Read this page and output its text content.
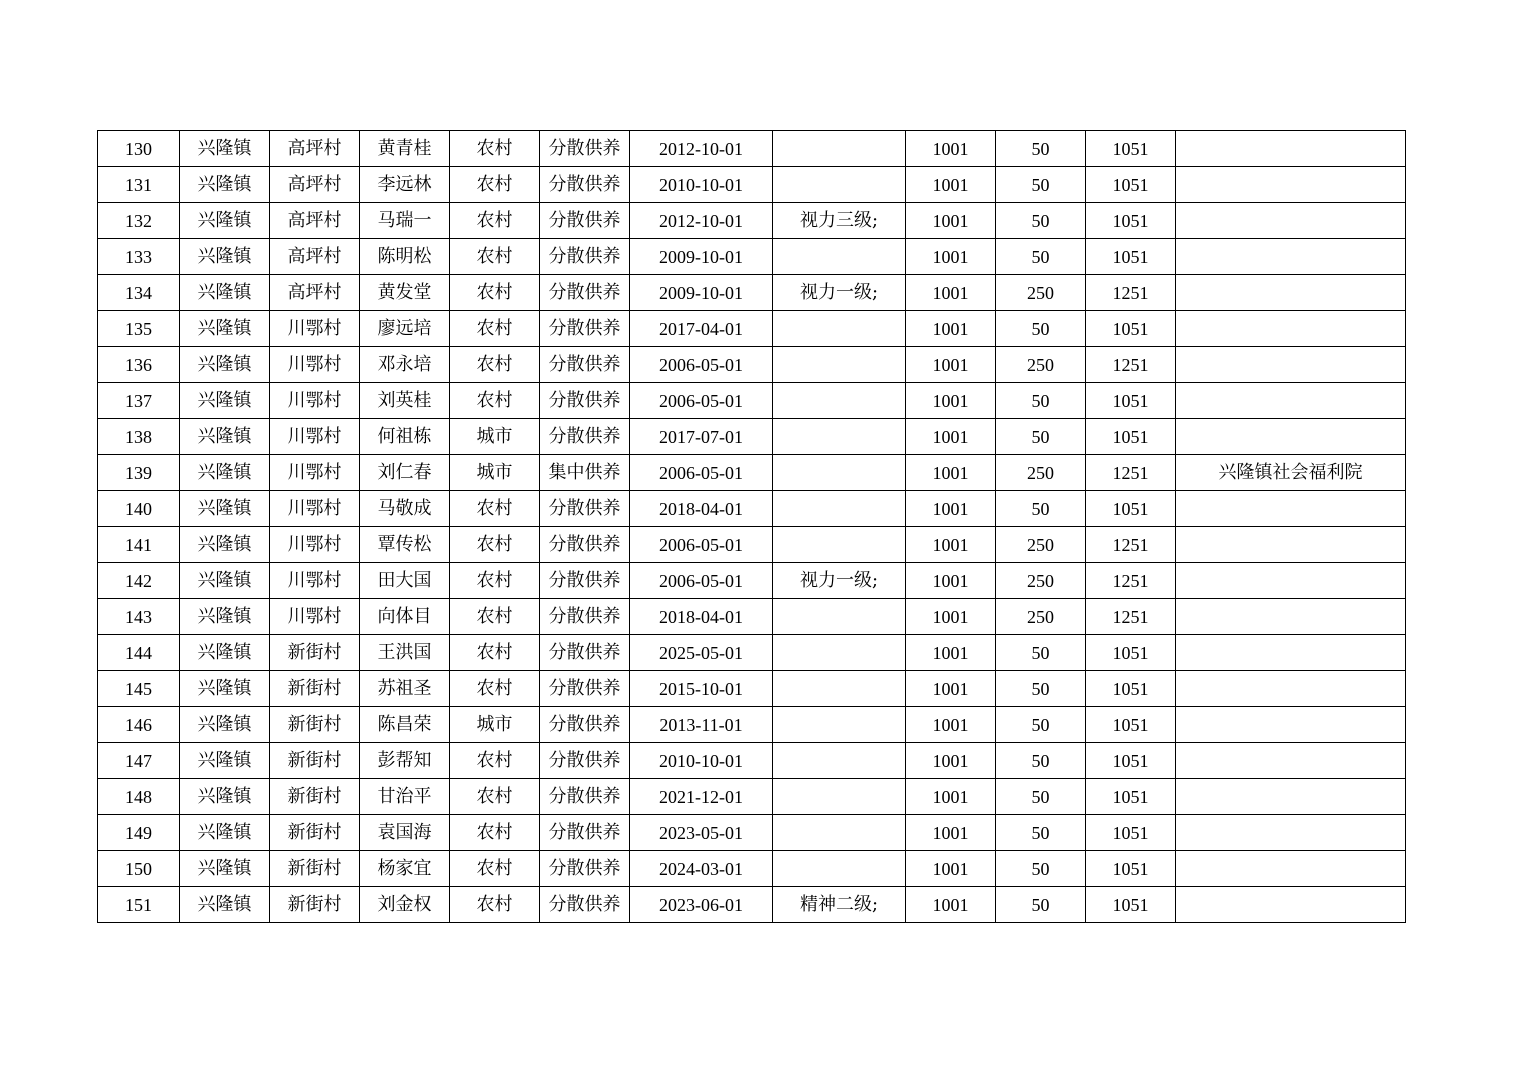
130	兴隆镇	高坪村	黄青桂	农村	分散供养	2012-10-01		1001	50	1051	
131	兴隆镇	高坪村	李远林	农村	分散供养	2010-10-01		1001	50	1051	
132	兴隆镇	高坪村	马瑞一	农村	分散供养	2012-10-01	视力三级;	1001	50	1051	
133	兴隆镇	高坪村	陈明松	农村	分散供养	2009-10-01		1001	50	1051	
134	兴隆镇	高坪村	黄发堂	农村	分散供养	2009-10-01	视力一级;	1001	250	1251	
135	兴隆镇	川鄂村	廖远培	农村	分散供养	2017-04-01		1001	50	1051	
136	兴隆镇	川鄂村	邓永培	农村	分散供养	2006-05-01		1001	250	1251	
137	兴隆镇	川鄂村	刘英桂	农村	分散供养	2006-05-01		1001	50	1051	
138	兴隆镇	川鄂村	何祖栋	城市	分散供养	2017-07-01		1001	50	1051	
139	兴隆镇	川鄂村	刘仁春	城市	集中供养	2006-05-01		1001	250	1251	兴隆镇社会福利院
140	兴隆镇	川鄂村	马敬成	农村	分散供养	2018-04-01		1001	50	1051	
141	兴隆镇	川鄂村	覃传松	农村	分散供养	2006-05-01		1001	250	1251	
142	兴隆镇	川鄂村	田大国	农村	分散供养	2006-05-01	视力一级;	1001	250	1251	
143	兴隆镇	川鄂村	向体目	农村	分散供养	2018-04-01		1001	250	1251	
144	兴隆镇	新街村	王洪国	农村	分散供养	2025-05-01		1001	50	1051	
145	兴隆镇	新街村	苏祖圣	农村	分散供养	2015-10-01		1001	50	1051	
146	兴隆镇	新街村	陈昌荣	城市	分散供养	2013-11-01		1001	50	1051	
147	兴隆镇	新街村	彭帮知	农村	分散供养	2010-10-01		1001	50	1051	
148	兴隆镇	新街村	甘治平	农村	分散供养	2021-12-01		1001	50	1051	
149	兴隆镇	新街村	袁国海	农村	分散供养	2023-05-01		1001	50	1051	
150	兴隆镇	新街村	杨家宜	农村	分散供养	2024-03-01		1001	50	1051	
151	兴隆镇	新街村	刘金权	农村	分散供养	2023-06-01	精神二级;	1001	50	1051	
